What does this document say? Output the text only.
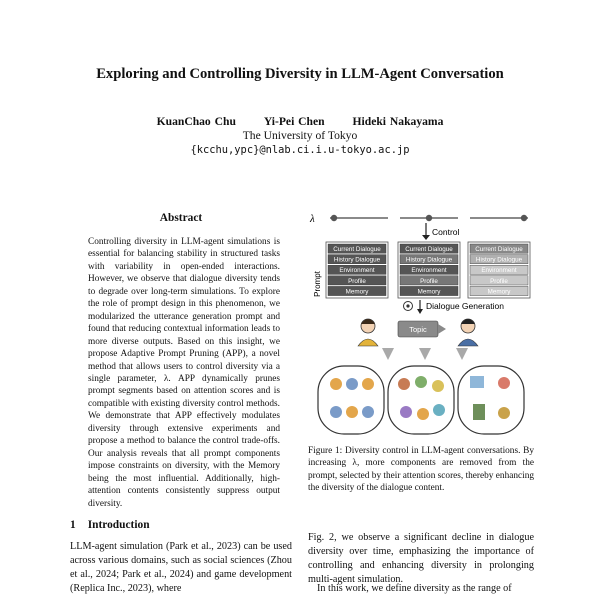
Exploring and Controlling Diversity in LLM-Agent Conversation
KuanChao Chu Yi-Pei Chen Hideki Nakayama
The University of Tokyo
{kcchu,ypc}@nlab.ci.i.u-tokyo.ac.jp
Abstract
Controlling diversity in LLM-agent simulations is essential for balancing stability in structured tasks with variability in open-ended interactions. However, we observe that dialogue diversity tends to degrade over long-term simulations. To explore the role of prompt design in this phenomenon, we modularized the utterance generation prompt and found that reducing contextual information leads to more diverse outputs. Based on this insight, we propose Adaptive Prompt Pruning (APP), a novel method that allows users to control diversity via a single parameter, λ. APP dynamically prunes prompt segments based on attention scores and is compatible with existing diversity control methods. We demonstrate that APP effectively modulates diversity through extensive experiments and propose a method to balance the control trade-offs. Our analysis reveals that all prompt components impose constraints on diversity, with the Memory being the most influential. Additionally, high-attention contents consistently suppress output diversity.
1 Introduction
LLM-agent simulation (Park et al., 2023) can be used across various domains, such as social sciences (Zhou et al., 2024; Park et al., 2024) and game development (Replica Inc., 2023), where
λ
Control
Prompt
Current Dialogue
History Dialogue
Environment
Profile
Memory
Current Dialogue
History Dialogue
Environment
Profile
Memory
Current Dialogue
History Dialogue
Environment
Profile
Memory
Dialogue Generation
Topic
Figure 1: Diversity control in LLM-agent conversations. By increasing λ, more components are removed from the prompt, selected by their attention scores, thereby enhancing the diversity of the dialogue content.
Fig. 2, we observe a significant decline in dialogue diversity over time, emphasizing the importance of controlling and enhancing diversity in prolonging multi-agent simulation.
In this work, we define diversity as the range of
